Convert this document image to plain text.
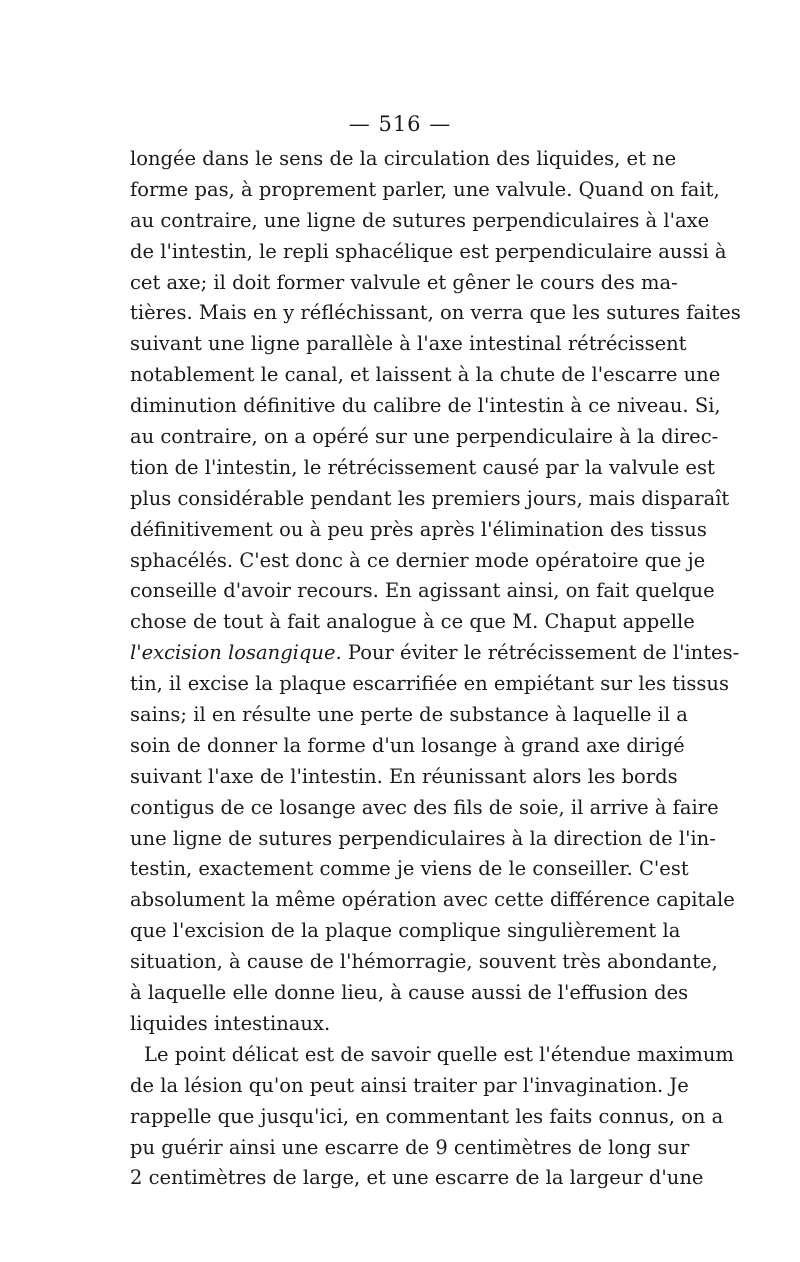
— 516 —
longée dans le sens de la circulation des liquides, et ne
forme pas, à proprement parler, une valvule. Quand on fait,
au contraire, une ligne de sutures perpendiculaires à l'axe
de l'intestin, le repli sphacélique est perpendiculaire aussi à
cet axe; il doit former valvule et gêner le cours des ma-
tières. Mais en y réfléchissant, on verra que les sutures faites
suivant une ligne parallèle à l'axe intestinal rétrécissent
notablement le canal, et laissent à la chute de l'escarre une
diminution définitive du calibre de l'intestin à ce niveau. Si,
au contraire, on a opéré sur une perpendiculaire à la direc-
tion de l'intestin, le rétrécissement causé par la valvule est
plus considérable pendant les premiers jours, mais disparaît
définitivement ou à peu près après l'élimination des tissus
sphacélés. C'est donc à ce dernier mode opératoire que je
conseille d'avoir recours. En agissant ainsi, on fait quelque
chose de tout à fait analogue à ce que M. Chaput appelle
l'excision losangique. Pour éviter le rétrécissement de l'intes-
tin, il excise la plaque escarrifiée en empiétant sur les tissus
sains; il en résulte une perte de substance à laquelle il a
soin de donner la forme d'un losange à grand axe dirigé
suivant l'axe de l'intestin. En réunissant alors les bords
contigus de ce losange avec des fils de soie, il arrive à faire
une ligne de sutures perpendiculaires à la direction de l'in-
testin, exactement comme je viens de le conseiller. C'est
absolument la même opération avec cette différence capitale
que l'excision de la plaque complique singulièrement la
situation, à cause de l'hémorragie, souvent très abondante,
à laquelle elle donne lieu, à cause aussi de l'effusion des
liquides intestinaux.
Le point délicat est de savoir quelle est l'étendue maximum
de la lésion qu'on peut ainsi traiter par l'invagination. Je
rappelle que jusqu'ici, en commentant les faits connus, on a
pu guérir ainsi une escarre de 9 centimètres de long sur
2 centimètres de large, et une escarre de la largeur d'une
